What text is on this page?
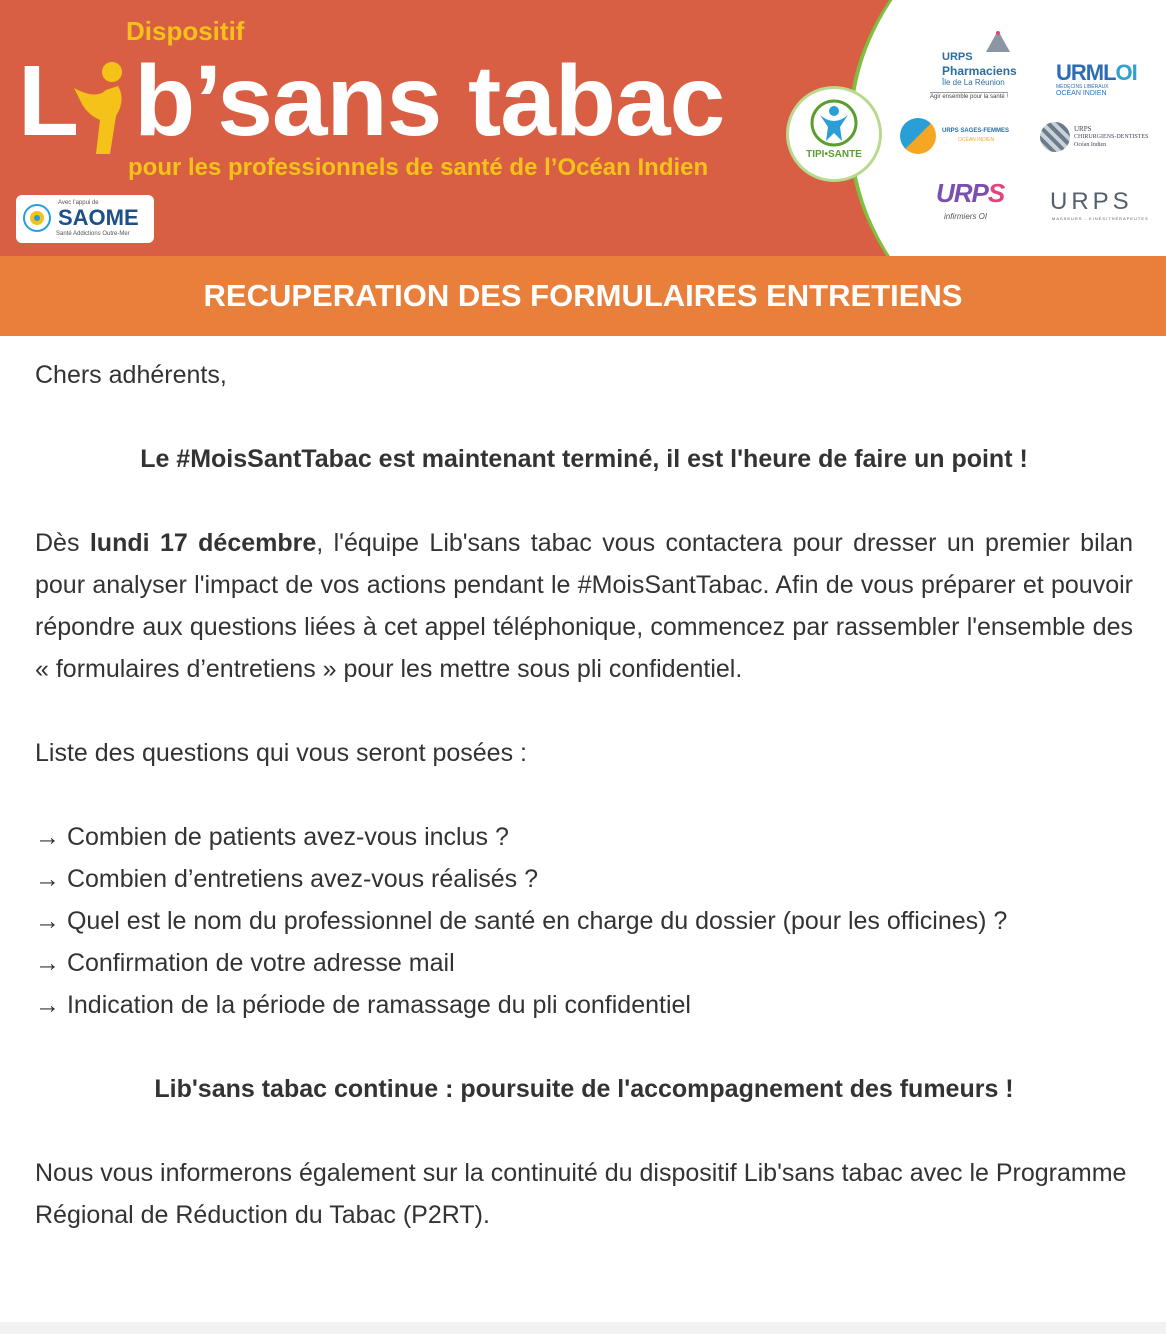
Dispositif
L b’sans tabac
pour les professionnels de santé de l’Océan Indien
Avec l’appui de
SAOME
Santé Addictions Outre-Mer
TIPI•SANTE
URPS
Pharmaciens
Île de La Réunion
Agir ensemble pour la santé !
URMLOI
MÉDECINS LIBÉRAUX
OCÉAN INDIEN
URPS SAGES-FEMMES
OCÉAN INDIEN
URPS
CHIRURGIENS-DENTISTES
Océan Indien
URPS
infirmiers OI
URPS
MASSEURS - KINÉSITHÉRAPEUTES
RECUPERATION DES FORMULAIRES ENTRETIENS

Chers adhérents,

Le #MoisSantTabac est maintenant terminé, il est l'heure de faire un point !

Dès lundi 17 décembre, l'équipe Lib'sans tabac vous contactera pour dresser un premier bilan pour analyser l'impact de vos actions pendant le #MoisSantTabac. Afin de vous préparer et pouvoir répondre aux questions liées à cet appel téléphonique, commencez par rassembler l'ensemble des « formulaires d’entretiens » pour les mettre sous pli confidentiel.

Liste des questions qui vous seront posées :

→ Combien de patients avez-vous inclus ?

→ Combien d’entretiens avez-vous réalisés ?

→ Quel est le nom du professionnel de santé en charge du dossier (pour les officines) ?

→ Confirmation de votre adresse mail

→ Indication de la période de ramassage du pli confidentiel

Lib'sans tabac continue : poursuite de l'accompagnement des fumeurs !

Nous vous informerons également sur la continuité du dispositif Lib'sans tabac avec le Programme Régional de Réduction du Tabac (P2RT).
